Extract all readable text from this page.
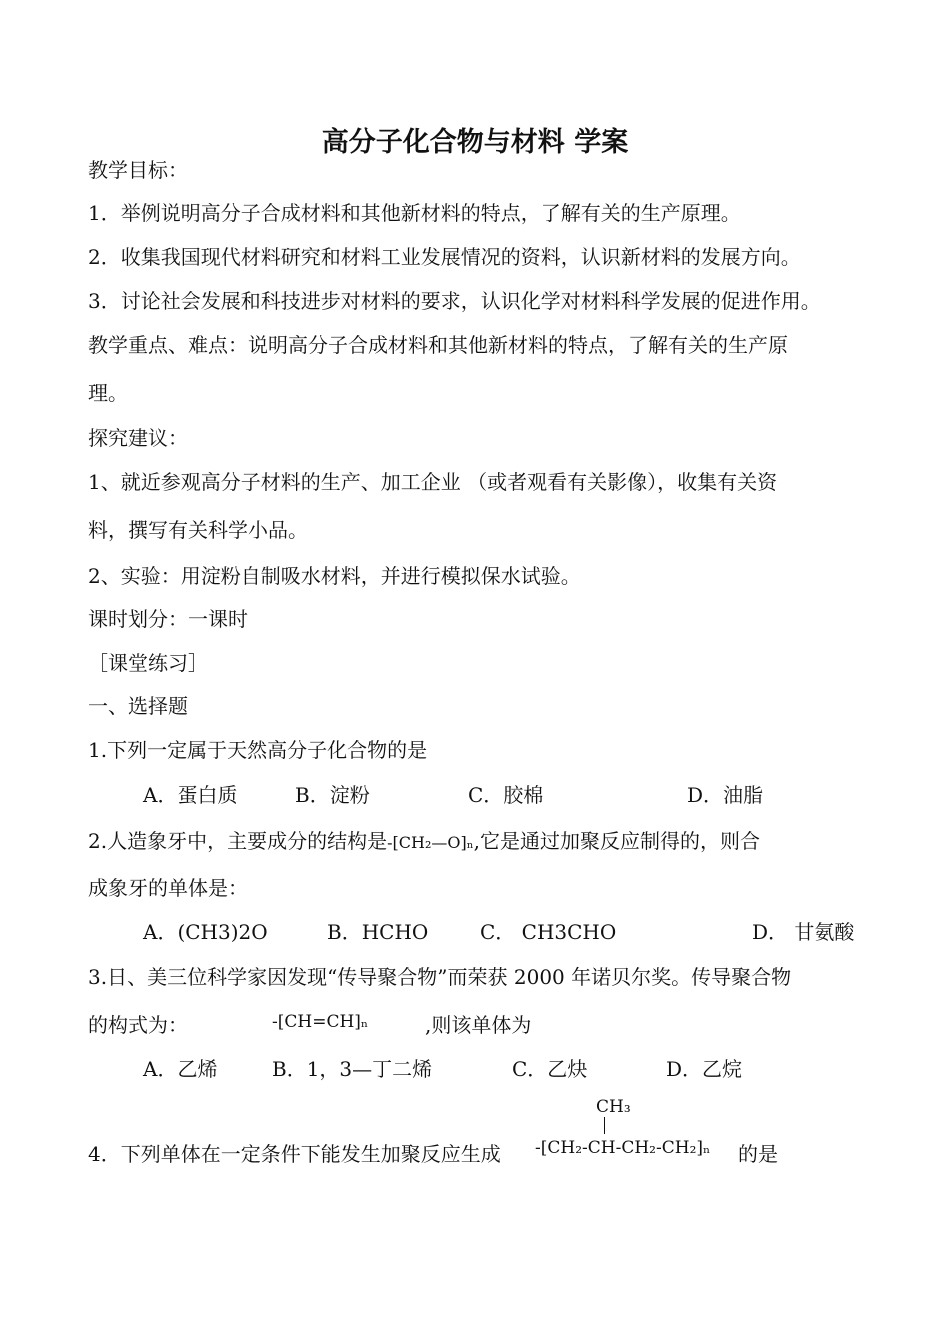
高分子化合物与材料 学案
教学目标：
1．举例说明高分子合成材料和其他新材料的特点，了解有关的生产原理。
2．收集我国现代材料研究和材料工业发展情况的资料，认识新材料的发展方向。
3．讨论社会发展和科技进步对材料的要求，认识化学对材料科学发展的促进作用。
教学重点、难点：说明高分子合成材料和其他新材料的特点，了解有关的生产原
理。
探究建议：
1、就近参观高分子材料的生产、加工企业 （或者观看有关影像），收集有关资
料，撰写有关科学小品。
2、实验：用淀粉自制吸水材料，并进行模拟保水试验。
课时划分：一课时
［课堂练习］
一、选择题
1.下列一定属于天然高分子化合物的是
A．蛋白质	B．淀粉	C．胶棉	D．油脂
2.人造象牙中，主要成分的结构是-[CH₂—O]ₙ,它是通过加聚反应制得的，则合
成象牙的单体是：
A．(CH3)2O	B．HCHO	C． CH3CHO	D． 甘氨酸
3.日、美三位科学家因发现“传导聚合物”而荣获 2000 年诺贝尔奖。传导聚合物
的构式为：	-[CH=CH]ₙ	,则该单体为
A．乙烯	B．1，3—丁二烯	C．乙炔	D．乙烷
CH₃
4．下列单体在一定条件下能发生加聚反应生成 -[CH₂-CH-CH₂-CH₂]ₙ 的是
